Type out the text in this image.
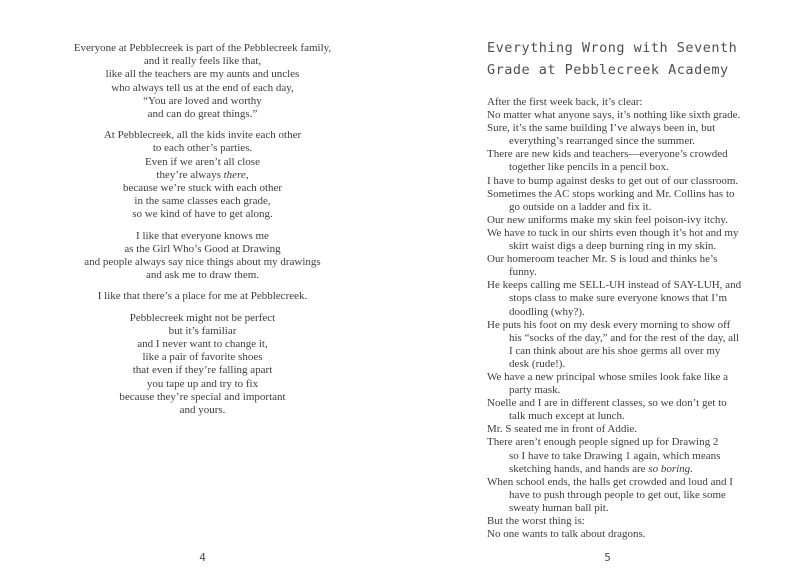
Everyone at Pebblecreek is part of the Pebblecreek family,
and it really feels like that,
like all the teachers are my aunts and uncles
who always tell us at the end of each day,
“You are loved and worthy
and can do great things.”
At Pebblecreek, all the kids invite each other
to each other’s parties.
Even if we aren’t all close
they’re always there,
because we’re stuck with each other
in the same classes each grade,
so we kind of have to get along.
I like that everyone knows me
as the Girl Who’s Good at Drawing
and people always say nice things about my drawings
and ask me to draw them.
I like that there’s a place for me at Pebblecreek.
Pebblecreek might not be perfect
but it’s familiar
and I never want to change it,
like a pair of favorite shoes
that even if they’re falling apart
you tape up and try to fix
because they’re special and important
and yours.
4
Everything Wrong with Seventh
Grade at Pebblecreek Academy
After the first week back, it’s clear:
No matter what anyone says, it’s nothing like sixth grade.
Sure, it’s the same building I’ve always been in, but
everything’s rearranged since the summer.
There are new kids and teachers—everyone’s crowded
together like pencils in a pencil box.
I have to bump against desks to get out of our classroom.
Sometimes the AC stops working and Mr. Collins has to
go outside on a ladder and fix it.
Our new uniforms make my skin feel poison-ivy itchy.
We have to tuck in our shirts even though it’s hot and my
skirt waist digs a deep burning ring in my skin.
Our homeroom teacher Mr. S is loud and thinks he’s
funny.
He keeps calling me SELL-UH instead of SAY-LUH, and
stops class to make sure everyone knows that I’m
doodling (why?).
He puts his foot on my desk every morning to show off
his “socks of the day,” and for the rest of the day, all
I can think about are his shoe germs all over my
desk (rude!).
We have a new principal whose smiles look fake like a
party mask.
Noelle and I are in different classes, so we don’t get to
talk much except at lunch.
Mr. S seated me in front of Addie.
There aren’t enough people signed up for Drawing 2
so I have to take Drawing 1 again, which means
sketching hands, and hands are so boring.
When school ends, the halls get crowded and loud and I
have to push through people to get out, like some
sweaty human ball pit.
But the worst thing is:
No one wants to talk about dragons.
5
